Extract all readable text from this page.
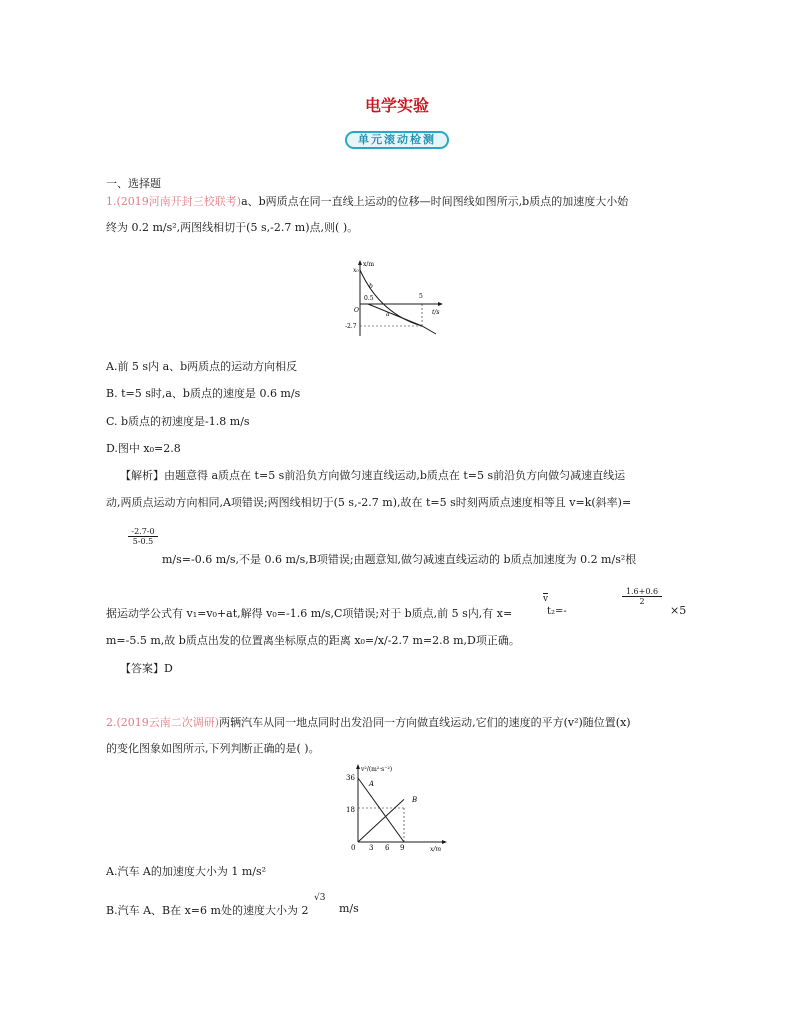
电学实验
单元滚动检测
一、选择题
1.(2019河南开封三校联考)a、b两质点在同一直线上运动的位移—时间图线如图所示,b质点的加速度大小始
终为 0.2 m/s²,两图线相切于(5 s,-2.7 m)点,则( )。
x/m
t/s
x₀
O
0.5	5
-2.7
b
a
A.前 5 s内 a、b两质点的运动方向相反
B. t=5 s时,a、b质点的速度是 0.6 m/s
C. b质点的初速度是-1.8 m/s
D.图中 x₀=2.8
【解析】由题意得 a质点在 t=5 s前沿负方向做匀速直线运动,b质点在 t=5 s前沿负方向做匀减速直线运
动,两质点运动方向相同,A项错误;两图线相切于(5 s,-2.7 m),故在 t=5 s时刻两质点速度相等且 v=k(斜率)=
$\frac{-2.7-0}{5-0.5}$
m/s=-0.6 m/s,不是 0.6 m/s,B项错误;由题意知,做匀减速直线运动的 b质点加速度为 0.2 m/s²根
据运动学公式有 v₁=v₀+at,解得 v₀=-1.6 m/s,C项错误;对于 b质点,前 5 s内,有 x=
v
t₂=-
$\frac{1.6+0.6}{2}$
×5
m=-5.5 m,故 b质点出发的位置离坐标原点的距离 x₀=/x/-2.7 m=2.8 m,D项正确。
【答案】D
2.(2019云南二次调研)两辆汽车从同一地点同时出发沿同一方向做直线运动,它们的速度的平方(v²)随位置(x)
的变化图象如图所示,下列判断正确的是( )。
v²/(m²·s⁻²)
x/m
36
18
0 3 6 9
A
B
A.汽车 A的加速度大小为 1 m/s²
B.汽车 A、B在 x=6 m处的速度大小为 2
√3
m/s
